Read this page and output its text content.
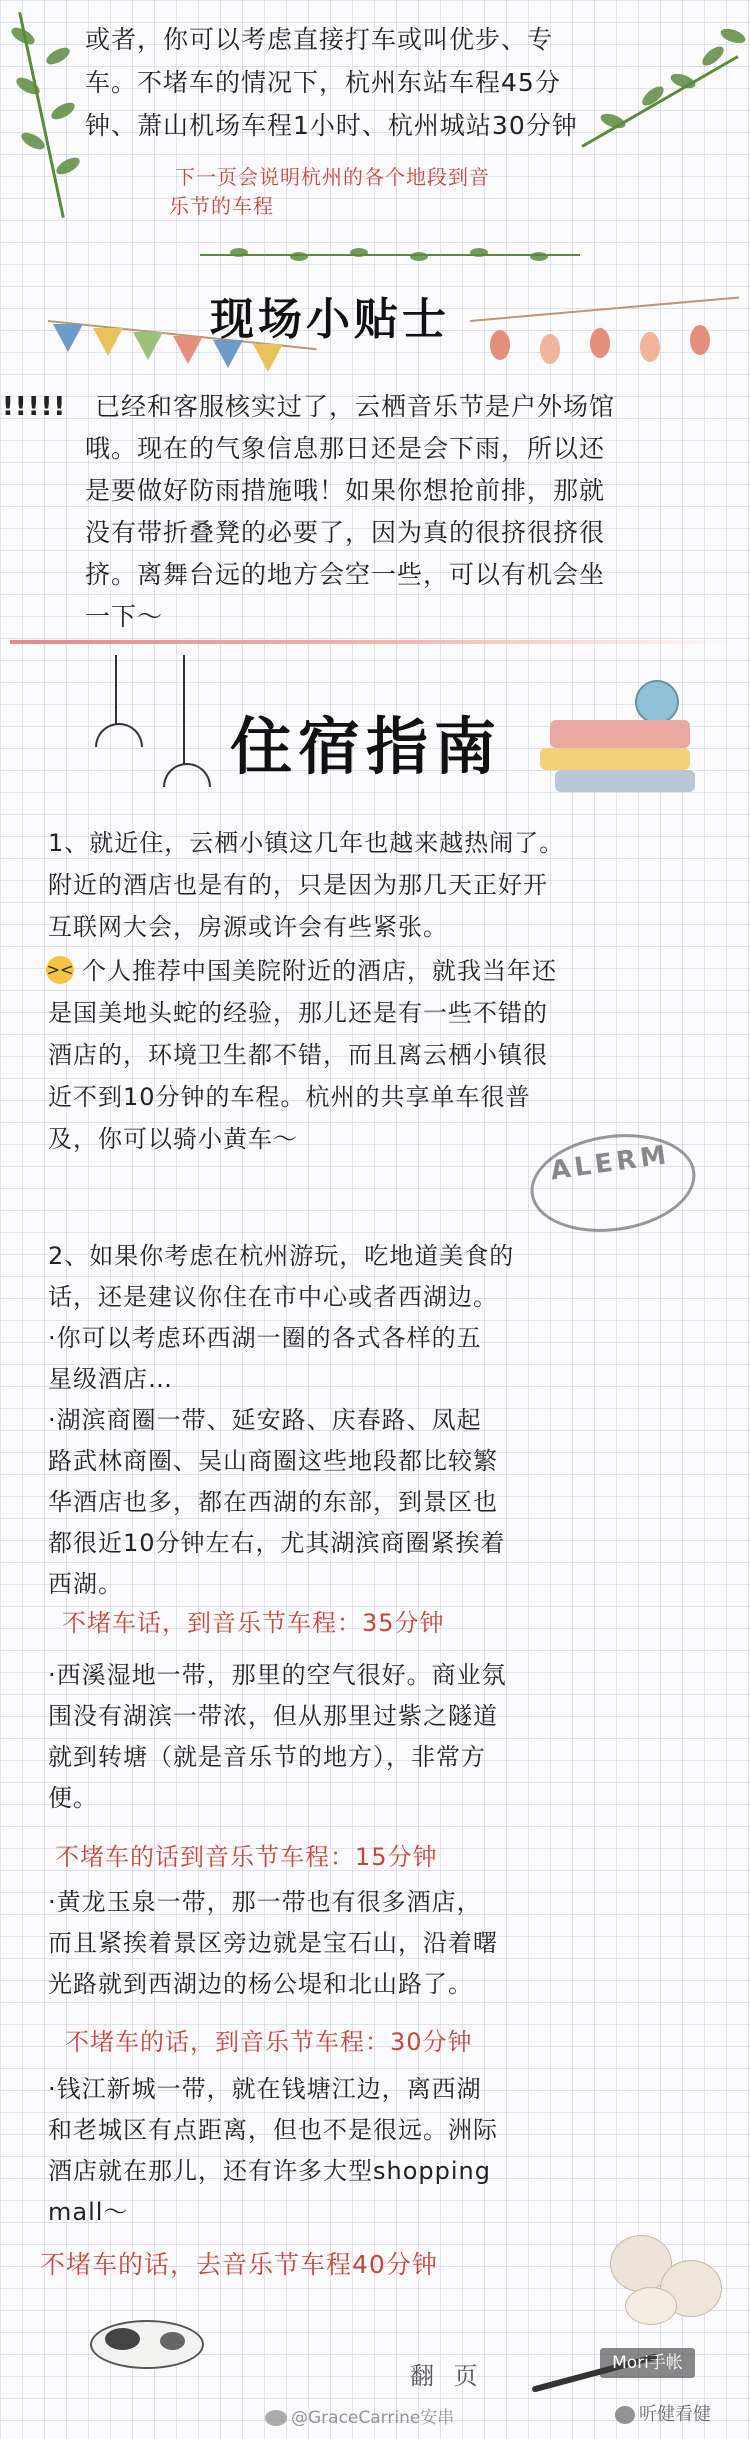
或者，你可以考虑直接打车或叫优步、专
车。不堵车的情况下，杭州东站车程45分
钟、萧山机场车程1小时、杭州城站30分钟
下一页会说明杭州的各个地段到音
乐节的车程
现场小贴士
!!!!! 已经和客服核实过了，云栖音乐节是户外场馆
哦。现在的气象信息那日还是会下雨，所以还
是要做好防雨措施哦！如果你想抢前排，那就
没有带折叠凳的必要了，因为真的很挤很挤很
挤。离舞台远的地方会空一些，可以有机会坐
一下～
住宿指南
1、就近住，云栖小镇这几年也越来越热闹了。
附近的酒店也是有的，只是因为那几天正好开
互联网大会，房源或许会有些紧张。
>< 个人推荐中国美院附近的酒店，就我当年还
是国美地头蛇的经验，那儿还是有一些不错的
酒店的，环境卫生都不错，而且离云栖小镇很
近不到10分钟的车程。杭州的共享单车很普
及，你可以骑小黄车～
ALERM
2、如果你考虑在杭州游玩，吃地道美食的
话，还是建议你住在市中心或者西湖边。
·你可以考虑环西湖一圈的各式各样的五
星级酒店…
·湖滨商圈一带、延安路、庆春路、凤起
路武林商圈、吴山商圈这些地段都比较繁
华酒店也多，都在西湖的东部，到景区也
都很近10分钟左右，尤其湖滨商圈紧挨着
西湖。
不堵车话，到音乐节车程：35分钟
·西溪湿地一带，那里的空气很好。商业氛
围没有湖滨一带浓，但从那里过紫之隧道
就到转塘（就是音乐节的地方），非常方
便。
不堵车的话到音乐节车程：15分钟
·黄龙玉泉一带，那一带也有很多酒店，
而且紧挨着景区旁边就是宝石山，沿着曙
光路就到西湖边的杨公堤和北山路了。
不堵车的话，到音乐节车程：30分钟
·钱江新城一带，就在钱塘江边，离西湖
和老城区有点距离，但也不是很远。洲际
酒店就在那儿，还有许多大型shopping
mall～
不堵车的话，去音乐节车程40分钟
翻 页	Mori手帐
@GraceCarrine安串	听健看健
